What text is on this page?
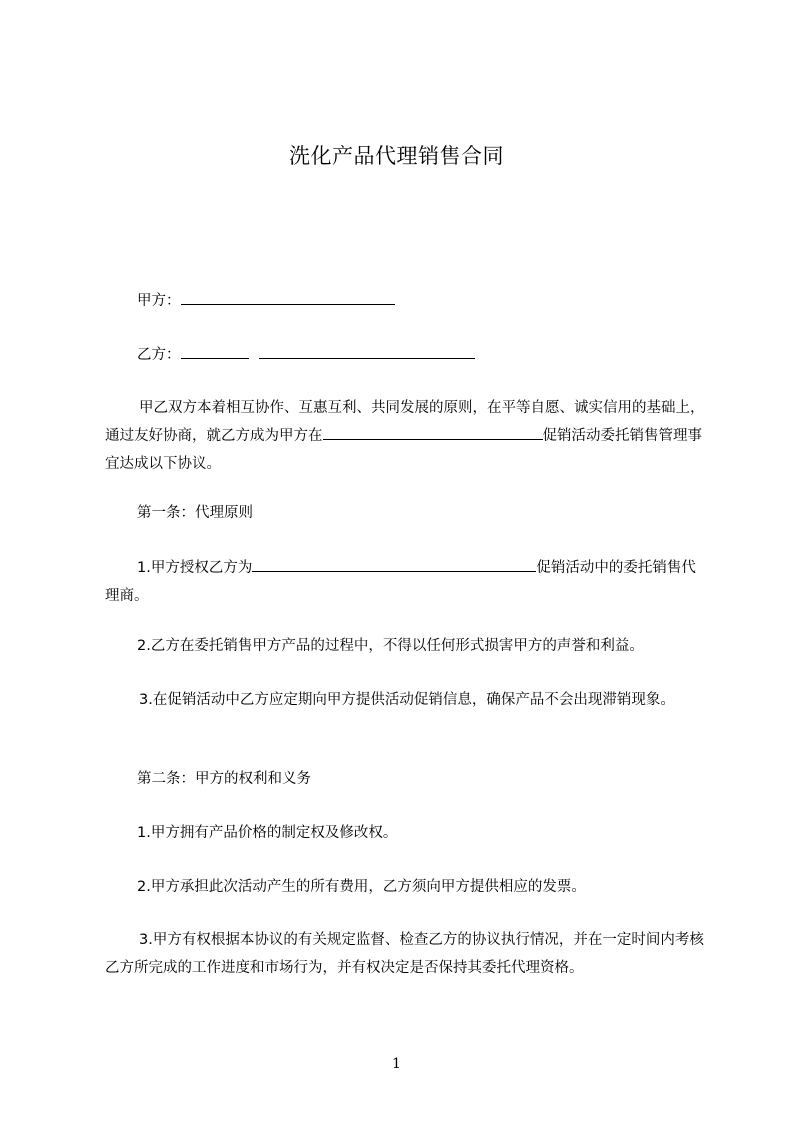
洗化产品代理销售合同
甲方：
乙方：
甲乙双方本着相互协作、互惠互利、共同发展的原则，在平等自愿、诚实信用的基础上，通过友好协商，就乙方成为甲方在	促销活动委托销售管理事宜达成以下协议。
第一条：代理原则
1.甲方授权乙方为	促销活动中的委托销售代理商。
2.乙方在委托销售甲方产品的过程中，不得以任何形式损害甲方的声誉和利益。
3.在促销活动中乙方应定期向甲方提供活动促销信息，确保产品不会出现滞销现象。
第二条：甲方的权利和义务
1.甲方拥有产品价格的制定权及修改权。
2.甲方承担此次活动产生的所有费用，乙方须向甲方提供相应的发票。
3.甲方有权根据本协议的有关规定监督、检查乙方的协议执行情况，并在一定时间内考核乙方所完成的工作进度和市场行为，并有权决定是否保持其委托代理资格。
1
